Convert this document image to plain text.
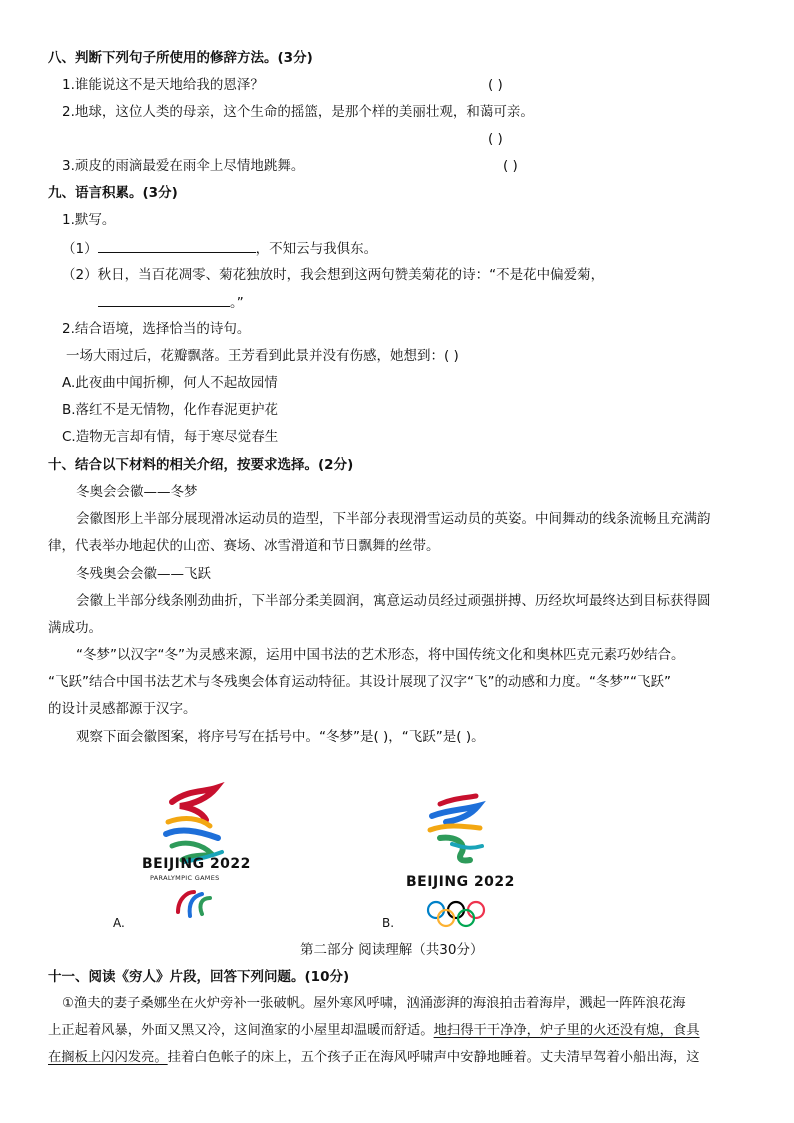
八、判断下列句子所使用的修辞方法。(3分)
1.谁能说这不是天地给我的恩泽？	( )
2.地球，这位人类的母亲，这个生命的摇篮，是那个样的美丽壮观，和蔼可亲。
( )
3.顽皮的雨滴最爱在雨伞上尽情地跳舞。	( )
九、语言积累。(3分)
1.默写。
（1）	，不知云与我俱东。
（2）秋日，当百花凋零、菊花独放时，我会想到这两句赞美菊花的诗：“不是花中偏爱菊，
。”
2.结合语境，选择恰当的诗句。
一场大雨过后，花瓣飘落。王芳看到此景并没有伤感，她想到：( )
A.此夜曲中闻折柳，何人不起故园情
B.落红不是无情物，化作春泥更护花
C.造物无言却有情，每于寒尽觉春生
十、结合以下材料的相关介绍，按要求选择。(2分)
冬奥会会徽——冬梦
会徽图形上半部分展现滑冰运动员的造型，下半部分表现滑雪运动员的英姿。中间舞动的线条流畅且充满韵
律，代表举办地起伏的山峦、赛场、冰雪滑道和节日飘舞的丝带。
冬残奥会会徽——飞跃
会徽上半部分线条刚劲曲折，下半部分柔美圆润，寓意运动员经过顽强拼搏、历经坎坷最终达到目标获得圆
满成功。
“冬梦”以汉字“冬”为灵感来源，运用中国书法的艺术形态，将中国传统文化和奥林匹克元素巧妙结合。
“飞跃”结合中国书法艺术与冬残奥会体育运动特征。其设计展现了汉字“飞”的动感和力度。“冬梦”“飞跃”
的设计灵感都源于汉字。
观察下面会徽图案，将序号写在括号中。“冬梦”是( )，“飞跃”是( )。
BEIJING 2022
PARALYMPIC GAMES
A.
BEIJING 2022
B.
第二部分 阅读理解（共30分）
十一、阅读《穷人》片段，回答下列问题。(10分)
①渔夫的妻子桑娜坐在火炉旁补一张破帆。屋外寒风呼啸，汹涌澎湃的海浪拍击着海岸，溅起一阵阵浪花海
上正起着风暴，外面又黑又冷，这间渔家的小屋里却温暖而舒适。地扫得干干净净，炉子里的火还没有熄，食具
在搁板上闪闪发亮。挂着白色帐子的床上，五个孩子正在海风呼啸声中安静地睡着。丈夫清早驾着小船出海，这
